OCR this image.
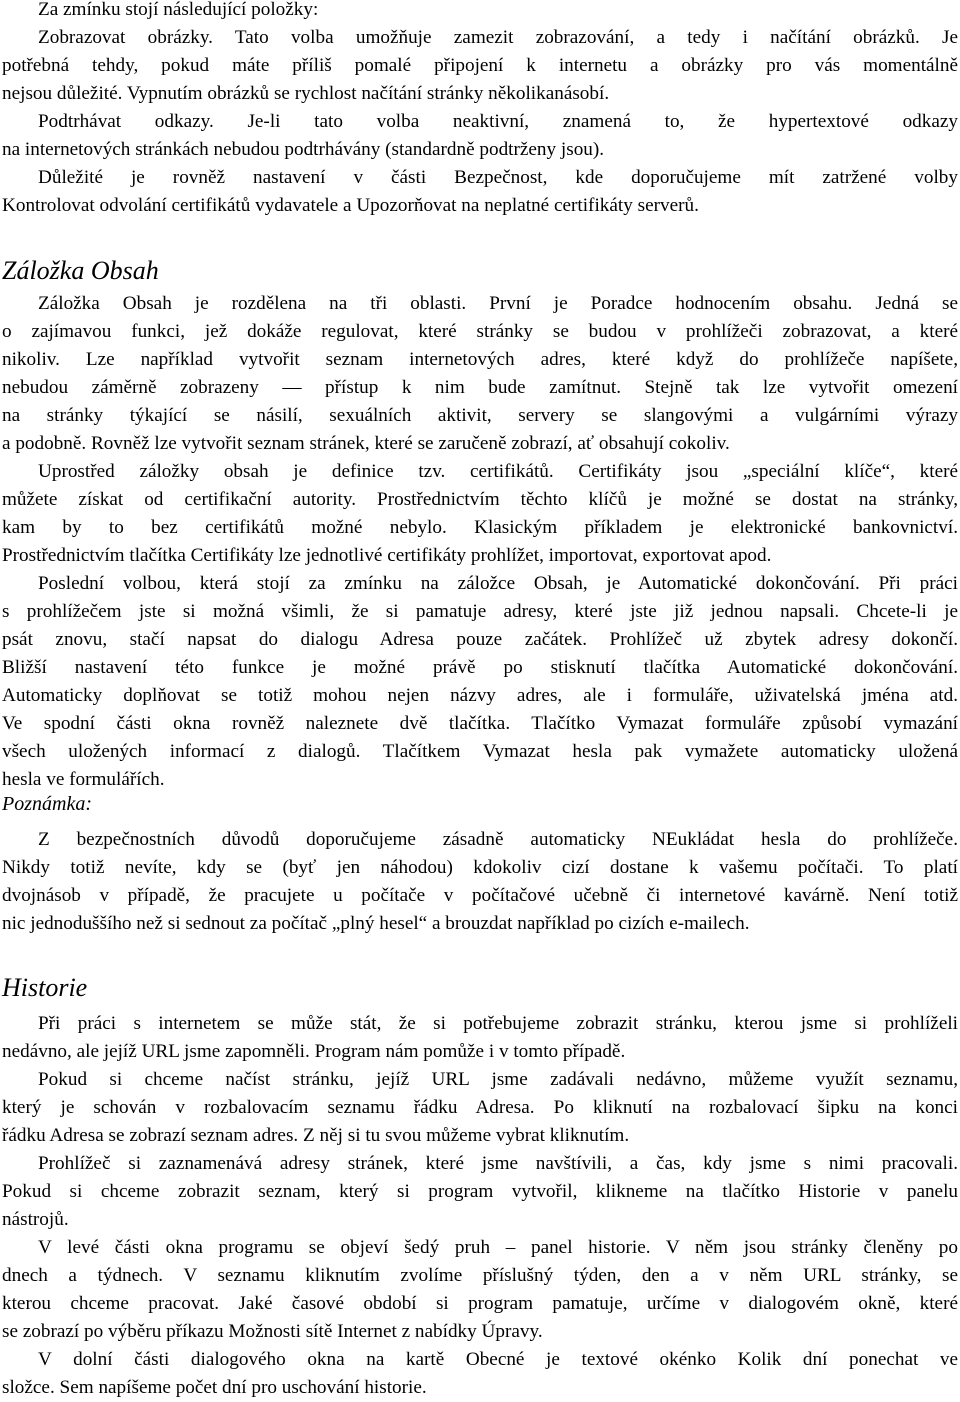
Za zmínku stojí následující položky:
Zobrazovat obrázky. Tato volba umožňuje zamezit zobrazování, a tedy i načítání obrázků. Je
potřebná tehdy, pokud máte příliš pomalé připojení k internetu a obrázky pro vás momentálně
nejsou důležité. Vypnutím obrázků se rychlost načítání stránky několikanásobí.
Podtrhávat odkazy. Je-li tato volba neaktivní, znamená to, že hypertextové odkazy
na internetových stránkách nebudou podtrhávány (standardně podtrženy jsou).
Důležité je rovněž nastavení v části Bezpečnost, kde doporučujeme mít zatržené volby
Kontrolovat odvolání certifikátů vydavatele a Upozorňovat na neplatné certifikáty serverů.
Záložka Obsah
Záložka Obsah je rozdělena na tři oblasti. První je Poradce hodnocením obsahu. Jedná se
o zajímavou funkci, jež dokáže regulovat, které stránky se budou v prohlížeči zobrazovat, a které
nikoliv. Lze například vytvořit seznam internetových adres, které když do prohlížeče napíšete,
nebudou záměrně zobrazeny — přístup k nim bude zamítnut. Stejně tak lze vytvořit omezení
na stránky týkající se násilí, sexuálních aktivit, servery se slangovými a vulgárními výrazy
a podobně. Rovněž lze vytvořit seznam stránek, které se zaručeně zobrazí, ať obsahují cokoliv.
Uprostřed záložky obsah je definice tzv. certifikátů. Certifikáty jsou „speciální klíče“, které
můžete získat od certifikační autority. Prostřednictvím těchto klíčů je možné se dostat na stránky,
kam by to bez certifikátů možné nebylo. Klasickým příkladem je elektronické bankovnictví.
Prostřednictvím tlačítka Certifikáty lze jednotlivé certifikáty prohlížet, importovat, exportovat apod.
Poslední volbou, která stojí za zmínku na záložce Obsah, je Automatické dokončování. Při práci
s prohlížečem jste si možná všimli, že si pamatuje adresy, které jste již jednou napsali. Chcete-li je
psát znovu, stačí napsat do dialogu Adresa pouze začátek. Prohlížeč už zbytek adresy dokončí.
Bližší nastavení této funkce je možné právě po stisknutí tlačítka Automatické dokončování.
Automaticky doplňovat se totiž mohou nejen názvy adres, ale i formuláře, uživatelská jména atd.
Ve spodní části okna rovněž naleznete dvě tlačítka. Tlačítko Vymazat formuláře způsobí vymazání
všech uložených informací z dialogů. Tlačítkem Vymazat hesla pak vymažete automaticky uložená
hesla ve formulářích.
Poznámka:
Z bezpečnostních důvodů doporučujeme zásadně automaticky NEukládat hesla do prohlížeče.
Nikdy totiž nevíte, kdy se (byť jen náhodou) kdokoliv cizí dostane k vašemu počítači. To platí
dvojnásob v případě, že pracujete u počítače v počítačové učebně či internetové kavárně. Není totiž
nic jednoduššího než si sednout za počítač „plný hesel“ a brouzdat například po cizích e-mailech.
Historie
Při práci s internetem se může stát, že si potřebujeme zobrazit stránku, kterou jsme si prohlíželi
nedávno, ale jejíž URL jsme zapomněli. Program nám pomůže i v tomto případě.
Pokud si chceme načíst stránku, jejíž URL jsme zadávali nedávno, můžeme využít seznamu,
který je schován v rozbalovacím seznamu řádku Adresa. Po kliknutí na rozbalovací šipku na konci
řádku Adresa se zobrazí seznam adres. Z něj si tu svou můžeme vybrat kliknutím.
Prohlížeč si zaznamenává adresy stránek, které jsme navštívili, a čas, kdy jsme s nimi pracovali.
Pokud si chceme zobrazit seznam, který si program vytvořil, klikneme na tlačítko Historie v panelu
nástrojů.
V levé části okna programu se objeví šedý pruh – panel historie. V něm jsou stránky členěny po
dnech a týdnech. V seznamu kliknutím zvolíme příslušný týden, den a v něm URL stránky, se
kterou chceme pracovat. Jaké časové období si program pamatuje, určíme v dialogovém okně, které
se zobrazí po výběru příkazu Možnosti sítě Internet z nabídky Úpravy.
V dolní části dialogového okna na kartě Obecné je textové okénko Kolik dní ponechat ve
složce. Sem napíšeme počet dní pro uschování historie.
